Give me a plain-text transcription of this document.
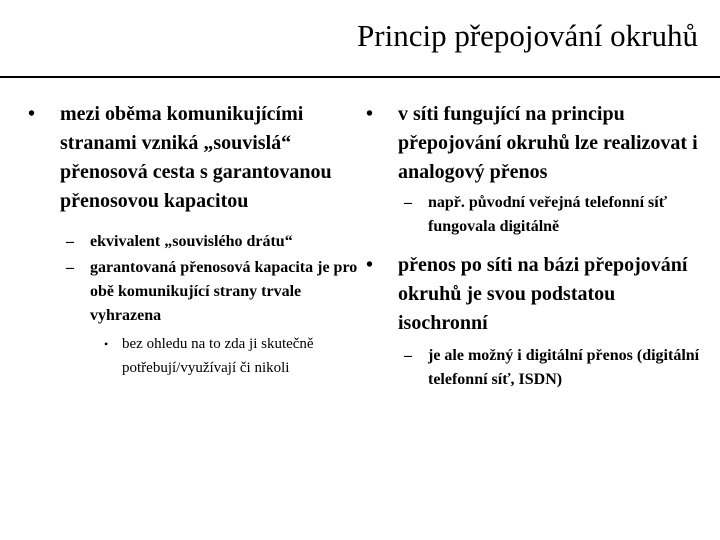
Princip přepojování okruhů
• mezi oběma komunikujícími stranami vzniká „souvislá“ přenosová cesta s garantovanou přenosovou kapacitou
– ekvivalent „souvislého drátu“
– garantovaná přenosová kapacita je pro obě komunikující strany trvale vyhrazena
• bez ohledu na to zda ji skutečně potřebují/využívají či nikoli
• v síti fungující na principu přepojování okruhů lze realizovat i analogový přenos
– např. původní veřejná telefonní síť fungovala digitálně
• přenos po síti na bázi přepojování okruhů je svou podstatou isochronní
– je ale možný i digitální přenos (digitální telefonní síť, ISDN)
